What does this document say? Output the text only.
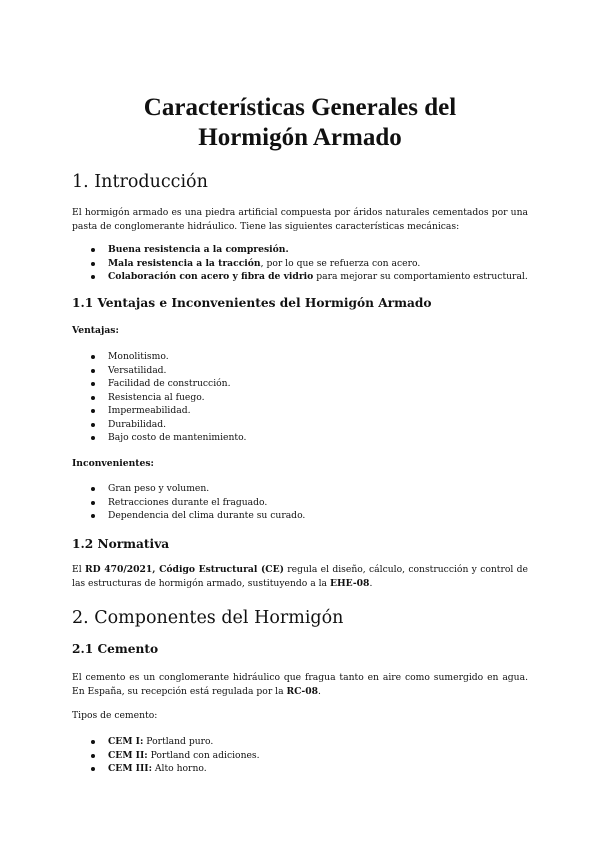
Características Generales del
Hormigón Armado
1. Introducción

El hormigón armado es una piedra artificial compuesta por áridos naturales cementados por una pasta de conglomerante hidráulico. Tiene las siguientes características mecánicas:

Buena resistencia a la compresión.
Mala resistencia a la tracción, por lo que se refuerza con acero.
Colaboración con acero y fibra de vidrio para mejorar su comportamiento estructural.
1.1 Ventajas e Inconvenientes del Hormigón Armado
Ventajas:
Monolitismo.
Versatilidad.
Facilidad de construcción.
Resistencia al fuego.
Impermeabilidad.
Durabilidad.
Bajo costo de mantenimiento.
Inconvenientes:
Gran peso y volumen.
Retracciones durante el fraguado.
Dependencia del clima durante su curado.
1.2 Normativa

El RD 470/2021, Código Estructural (CE) regula el diseño, cálculo, construcción y control de las estructuras de hormigón armado, sustituyendo a la EHE-08.

2. Componentes del Hormigón
2.1 Cemento

El cemento es un conglomerante hidráulico que fragua tanto en aire como sumergido en agua. En España, su recepción está regulada por la RC-08.

Tipos de cemento:
CEM I: Portland puro.
CEM II: Portland con adiciones.
CEM III: Alto horno.
